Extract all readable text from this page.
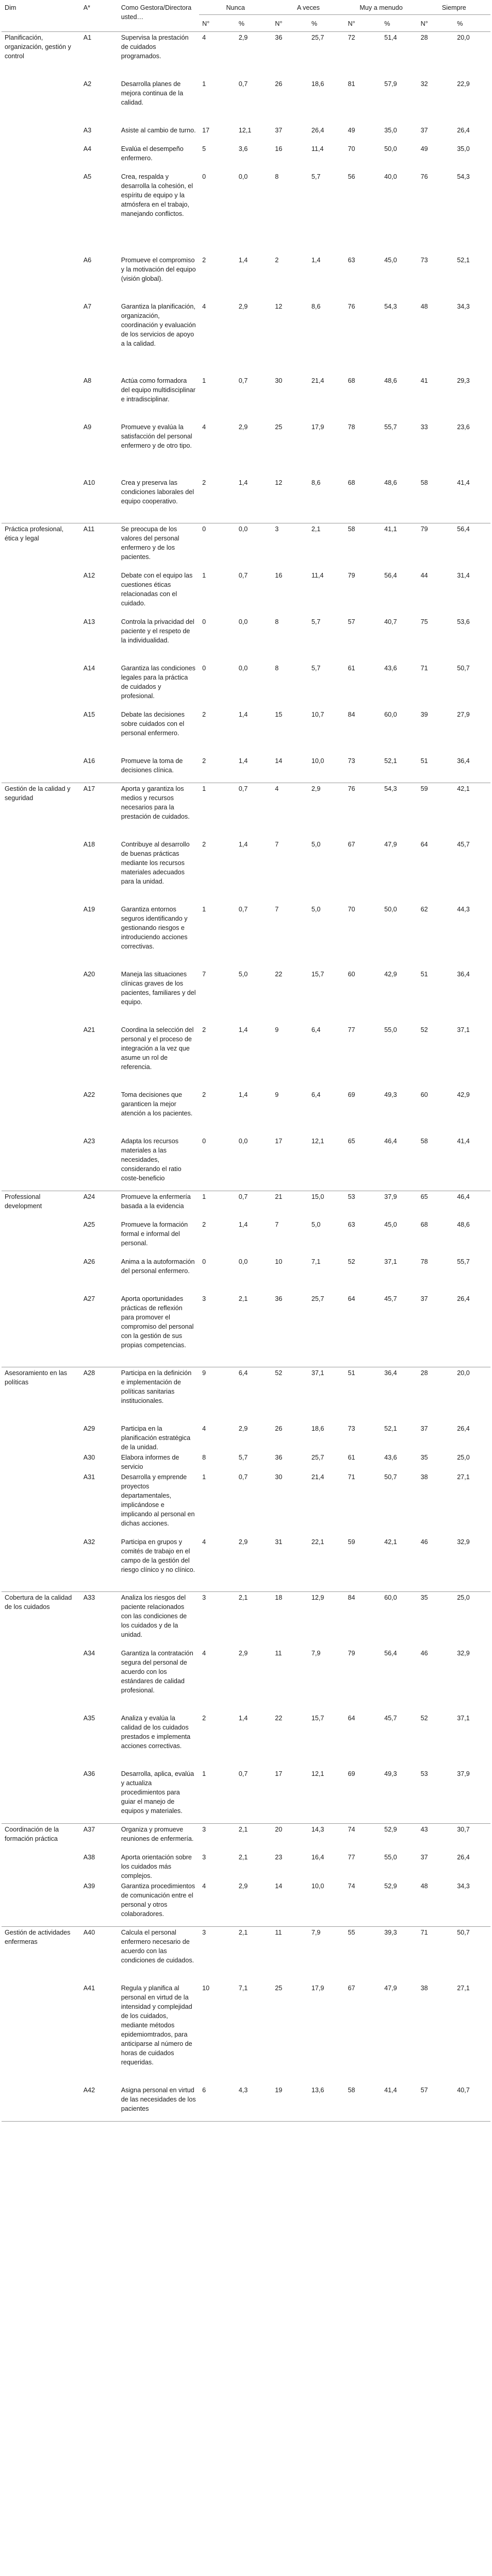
Dim	A*	Como Gestora/Directora usted…	Nunca		A veces		Muy a menudo		Siempre	
			N°	%	N°	%	N°	%	N°	%
Planificación, organización, gestión y control	A1	Supervisa la prestación de cuidados programados.	4	2,9	36	25,7	72	51,4	28	20,0
	A2	Desarrolla planes de mejora continua de la calidad.	1	0,7	26	18,6	81	57,9	32	22,9
	A3	Asiste al cambio de turno.	17	12,1	37	26,4	49	35,0	37	26,4
	A4	Evalúa el desempeño enfermero.	5	3,6	16	11,4	70	50,0	49	35,0
	A5	Crea, respalda y desarrolla la cohesión, el espíritu de equipo y la atmósfera en el trabajo, manejando conflictos.	0	0,0	8	5,7	56	40,0	76	54,3
	A6	Promueve el compromiso y la motivación del equipo (visión global).	2	1,4	2	1,4	63	45,0	73	52,1
	A7	Garantiza la planificación, organización, coordinación y evaluación de los servicios de apoyo a la calidad.	4	2,9	12	8,6	76	54,3	48	34,3
	A8	Actúa como formadora del equipo multidisciplinar e intradisciplinar.	1	0,7	30	21,4	68	48,6	41	29,3
	A9	Promueve y evalúa la satisfacción del personal enfermero y de otro tipo.	4	2,9	25	17,9	78	55,7	33	23,6
	A10	Crea y preserva las condiciones laborales del equipo cooperativo.	2	1,4	12	8,6	68	48,6	58	41,4
Práctica profesional, ética y legal	A11	Se preocupa de los valores del personal enfermero y de los pacientes.	0	0,0	3	2,1	58	41,1	79	56,4
	A12	Debate con el equipo las cuestiones éticas relacionadas con el cuidado.	1	0,7	16	11,4	79	56,4	44	31,4
	A13	Controla la privacidad del paciente y el respeto de la individualidad.	0	0,0	8	5,7	57	40,7	75	53,6
	A14	Garantiza las condiciones legales para la práctica de cuidados y profesional.	0	0,0	8	5,7	61	43,6	71	50,7
	A15	Debate las decisiones sobre cuidados con el personal enfermero.	2	1,4	15	10,7	84	60,0	39	27,9
	A16	Promueve la toma de decisiones clínica.	2	1,4	14	10,0	73	52,1	51	36,4
Gestión de la calidad y seguridad	A17	Aporta y garantiza los medios y recursos necesarios para la prestación de cuidados.	1	0,7	4	2,9	76	54,3	59	42,1
	A18	Contribuye al desarrollo de buenas prácticas mediante los recursos materiales adecuados para la unidad.	2	1,4	7	5,0	67	47,9	64	45,7
	A19	Garantiza entornos seguros identificando y gestionando riesgos e introduciendo acciones correctivas.	1	0,7	7	5,0	70	50,0	62	44,3
	A20	Maneja las situaciones clínicas graves de los pacientes, familiares y del equipo.	7	5,0	22	15,7	60	42,9	51	36,4
	A21	Coordina la selección del personal y el proceso de integración a la vez que asume un rol de referencia.	2	1,4	9	6,4	77	55,0	52	37,1
	A22	Toma decisiones que garanticen la mejor atención a los pacientes.	2	1,4	9	6,4	69	49,3	60	42,9
	A23	Adapta los recursos materiales a las necesidades, considerando el ratio coste-beneficio	0	0,0	17	12,1	65	46,4	58	41,4
Professional development	A24	Promueve la enfermería basada a la evidencia	1	0,7	21	15,0	53	37,9	65	46,4
	A25	Promueve la formación formal e informal del personal.	2	1,4	7	5,0	63	45,0	68	48,6
	A26	Anima a la autoformación del personal enfermero.	0	0,0	10	7,1	52	37,1	78	55,7
	A27	Aporta oportunidades prácticas de reflexión para promover el compromiso del personal con la gestión de sus propias competencias.	3	2,1	36	25,7	64	45,7	37	26,4
Asesoramiento en las políticas	A28	Participa en la definición e implementación de políticas sanitarias institucionales.	9	6,4	52	37,1	51	36,4	28	20,0
	A29	Participa en la planificación estratégica de la unidad.	4	2,9	26	18,6	73	52,1	37	26,4
	A30	Elabora informes de servicio	8	5,7	36	25,7	61	43,6	35	25,0
	A31	Desarrolla y emprende proyectos departamentales, implicándose e implicando al personal en dichas acciones.	1	0,7	30	21,4	71	50,7	38	27,1
	A32	Participa en grupos y comités de trabajo en el campo de la gestión del riesgo clínico y no clínico.	4	2,9	31	22,1	59	42,1	46	32,9
Cobertura de la calidad de los cuidados	A33	Analiza los riesgos del paciente relacionados con las condiciones de los cuidados y de la unidad.	3	2,1	18	12,9	84	60,0	35	25,0
	A34	Garantiza la contratación segura del personal de acuerdo con los estándares de calidad profesional.	4	2,9	11	7,9	79	56,4	46	32,9
	A35	Analiza y evalúa la calidad de los cuidados prestados e implementa acciones correctivas.	2	1,4	22	15,7	64	45,7	52	37,1
	A36	Desarrolla, aplica, evalúa y actualiza procedimientos para guiar el manejo de equipos y materiales.	1	0,7	17	12,1	69	49,3	53	37,9
Coordinación de la formación práctica	A37	Organiza y promueve reuniones de enfermería.	3	2,1	20	14,3	74	52,9	43	30,7
	A38	Aporta orientación sobre los cuidados más complejos.	3	2,1	23	16,4	77	55,0	37	26,4
	A39	Garantiza procedimientos de comunicación entre el personal y otros colaboradores.	4	2,9	14	10,0	74	52,9	48	34,3
Gestión de actividades enfermeras	A40	Calcula el personal enfermero necesario de acuerdo con las condiciones de cuidados.	3	2,1	11	7,9	55	39,3	71	50,7
	A41	Regula y planifica al personal en virtud de la intensidad y complejidad de los cuidados, mediante métodos epidemiomtrados, para anticiparse al número de horas de cuidados requeridas.	10	7,1	25	17,9	67	47,9	38	27,1
	A42	Asigna personal en virtud de las necesidades de los pacientes	6	4,3	19	13,6	58	41,4	57	40,7
